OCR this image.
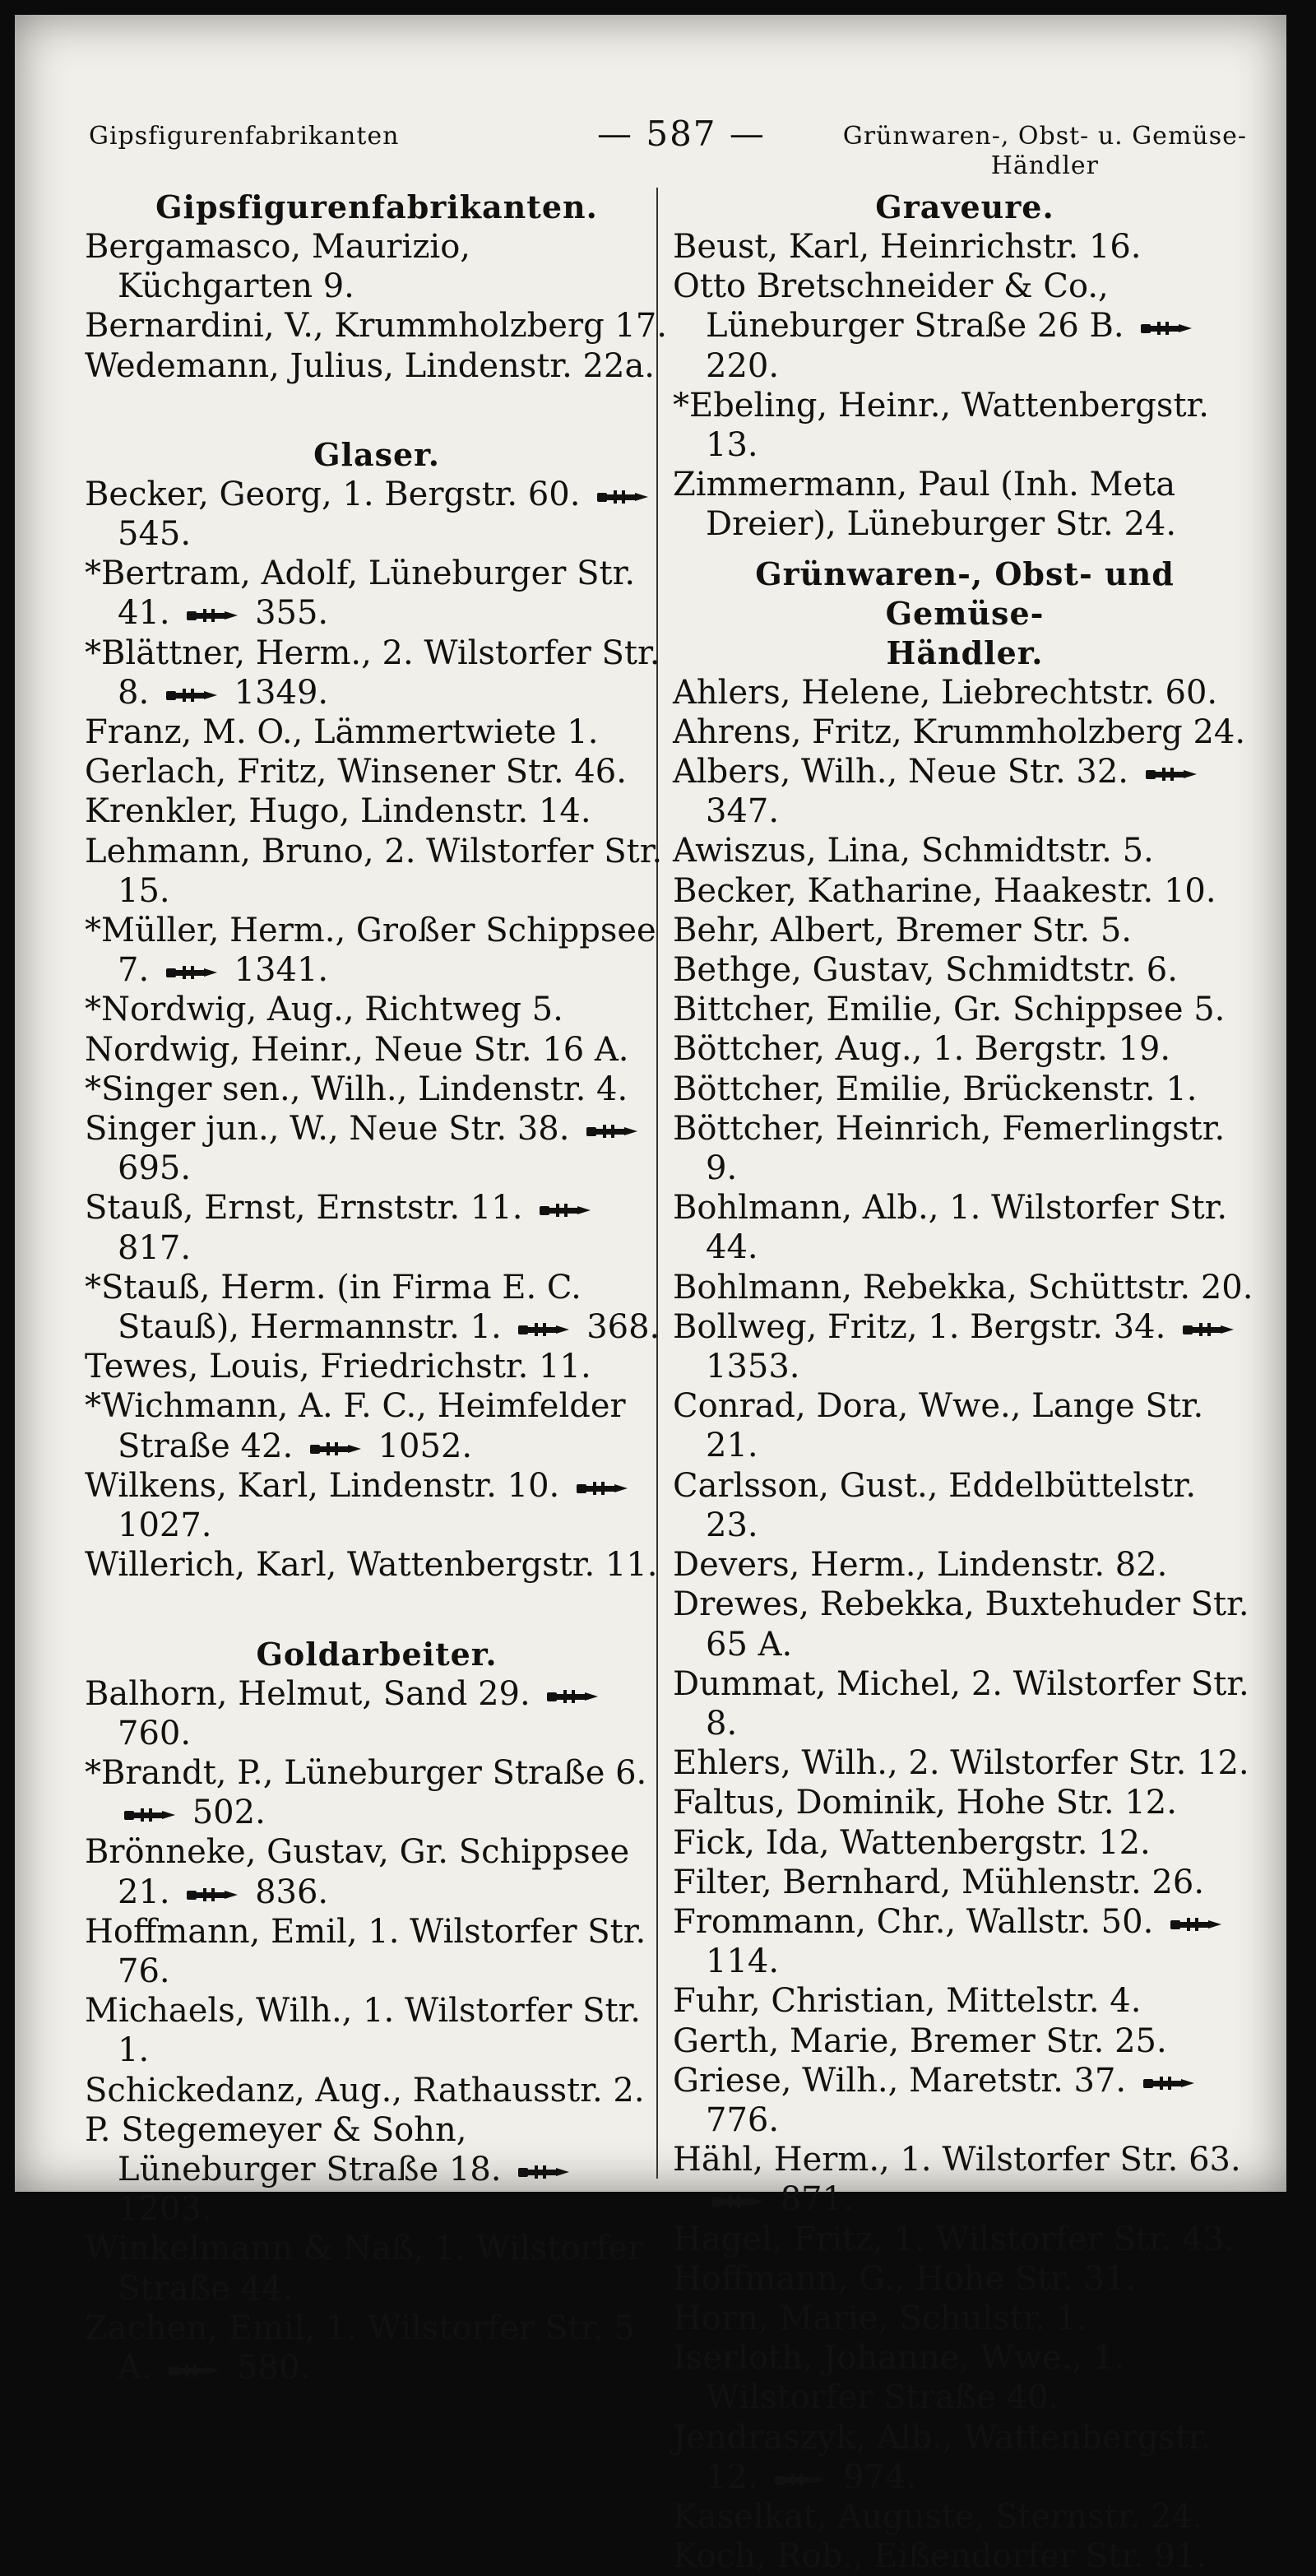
Gipsfigurenfabrikanten	— 587 —	Grünwaren-, Obst- u. Gemüse-
Händler

Gipsfigurenfabrikanten.

Bergamasco, Maurizio, Küchgarten 9.

Bernardini, V., Krummholzberg 17.

Wedemann, Julius, Lindenstr. 22a.

Glaser.

Becker, Georg, 1. Bergstr. 60.
545.

*Bertram, Adolf, Lüneburger Str. 41.	355.

*Blättner, Herm., 2. Wilstorfer Str. 8.	1349.

Franz, M. O., Lämmertwiete 1.

Gerlach, Fritz, Winsener Str. 46.

Krenkler, Hugo, Lindenstr. 14.

Lehmann, Bruno, 2. Wilstorfer Str. 15.

*Müller, Herm., Großer Schippsee 7.	1341.

*Nordwig, Aug., Richtweg 5.

Nordwig, Heinr., Neue Str. 16 A.

*Singer sen., Wilh., Lindenstr. 4.

Singer jun., W., Neue Str. 38.
695.

Stauß, Ernst, Ernststr. 11.
817.

*Stauß, Herm. (in Firma E. C. Stauß), Hermannstr. 1.	368.

Tewes, Louis, Friedrichstr. 11.

*Wichmann, A. F. C., Heimfelder Straße 42.	1052.

Wilkens, Karl, Lindenstr. 10.
1027.

Willerich, Karl, Wattenbergstr. 11.

Goldarbeiter.

Balhorn, Helmut, Sand 29.
760.

*Brandt, P., Lüneburger Straße 6.
502.

Brönneke, Gustav, Gr. Schippsee 21.	836.

Hoffmann, Emil, 1. Wilstorfer Str. 76.

Michaels, Wilh., 1. Wilstorfer Str. 1.

Schickedanz, Aug., Rathausstr. 2.

P. Stegemeyer & Sohn, Lüneburger Straße 18.
1203.

Winkelmann & Naß, 1. Wilstorfer Straße 44.

Zachen, Emil, 1. Wilstorfer Str. 5 A.	580.

Graveure.

Beust, Karl, Heinrichstr. 16.

Otto Bretschneider & Co., Lüneburger Straße 26 B.
220.

*Ebeling, Heinr., Wattenbergstr. 13.

Zimmermann, Paul (Inh. Meta Dreier), Lüneburger Str. 24.

Grünwaren-, Obst- und Gemüse-

Händler.

Ahlers, Helene, Liebrechtstr. 60.

Ahrens, Fritz, Krummholzberg 24.

Albers, Wilh., Neue Str. 32.
347.

Awiszus, Lina, Schmidtstr. 5.

Becker, Katharine, Haakestr. 10.

Behr, Albert, Bremer Str. 5.

Bethge, Gustav, Schmidtstr. 6.

Bittcher, Emilie, Gr. Schippsee 5.

Böttcher, Aug., 1. Bergstr. 19.

Böttcher, Emilie, Brückenstr. 1.

Böttcher, Heinrich, Femerlingstr. 9.

Bohlmann, Alb., 1. Wilstorfer Str. 44.

Bohlmann, Rebekka, Schüttstr. 20.

Bollweg, Fritz, 1. Bergstr. 34.
1353.

Conrad, Dora, Wwe., Lange Str. 21.

Carlsson, Gust., Eddelbüttelstr. 23.

Devers, Herm., Lindenstr. 82.

Drewes, Rebekka, Buxtehuder Str. 65 A.

Dummat, Michel, 2. Wilstorfer Str. 8.

Ehlers, Wilh., 2. Wilstorfer Str. 12.

Faltus, Dominik, Hohe Str. 12.

Fick, Ida, Wattenbergstr. 12.

Filter, Bernhard, Mühlenstr. 26.

Frommann, Chr., Wallstr. 50.
114.

Fuhr, Christian, Mittelstr. 4.

Gerth, Marie, Bremer Str. 25.

Griese, Wilh., Maretstr. 37.
776.

Hähl, Herm., 1. Wilstorfer Str. 63.
871.

Hagel, Fritz, 1. Wilstorfer Str. 43.

Hoffmann, G., Hohe Str. 31.

Horn, Marie, Schulstr. 1.

Iserloth, Johanne, Wwe., 1. Wilstorfer Straße 40.

Jendraszyk, Alb., Wattenbergstr. 12.	974.

Kaselkat, Auguste, Sternstr. 24.

Koch, Rob., Eißendorfer Str. 91.
